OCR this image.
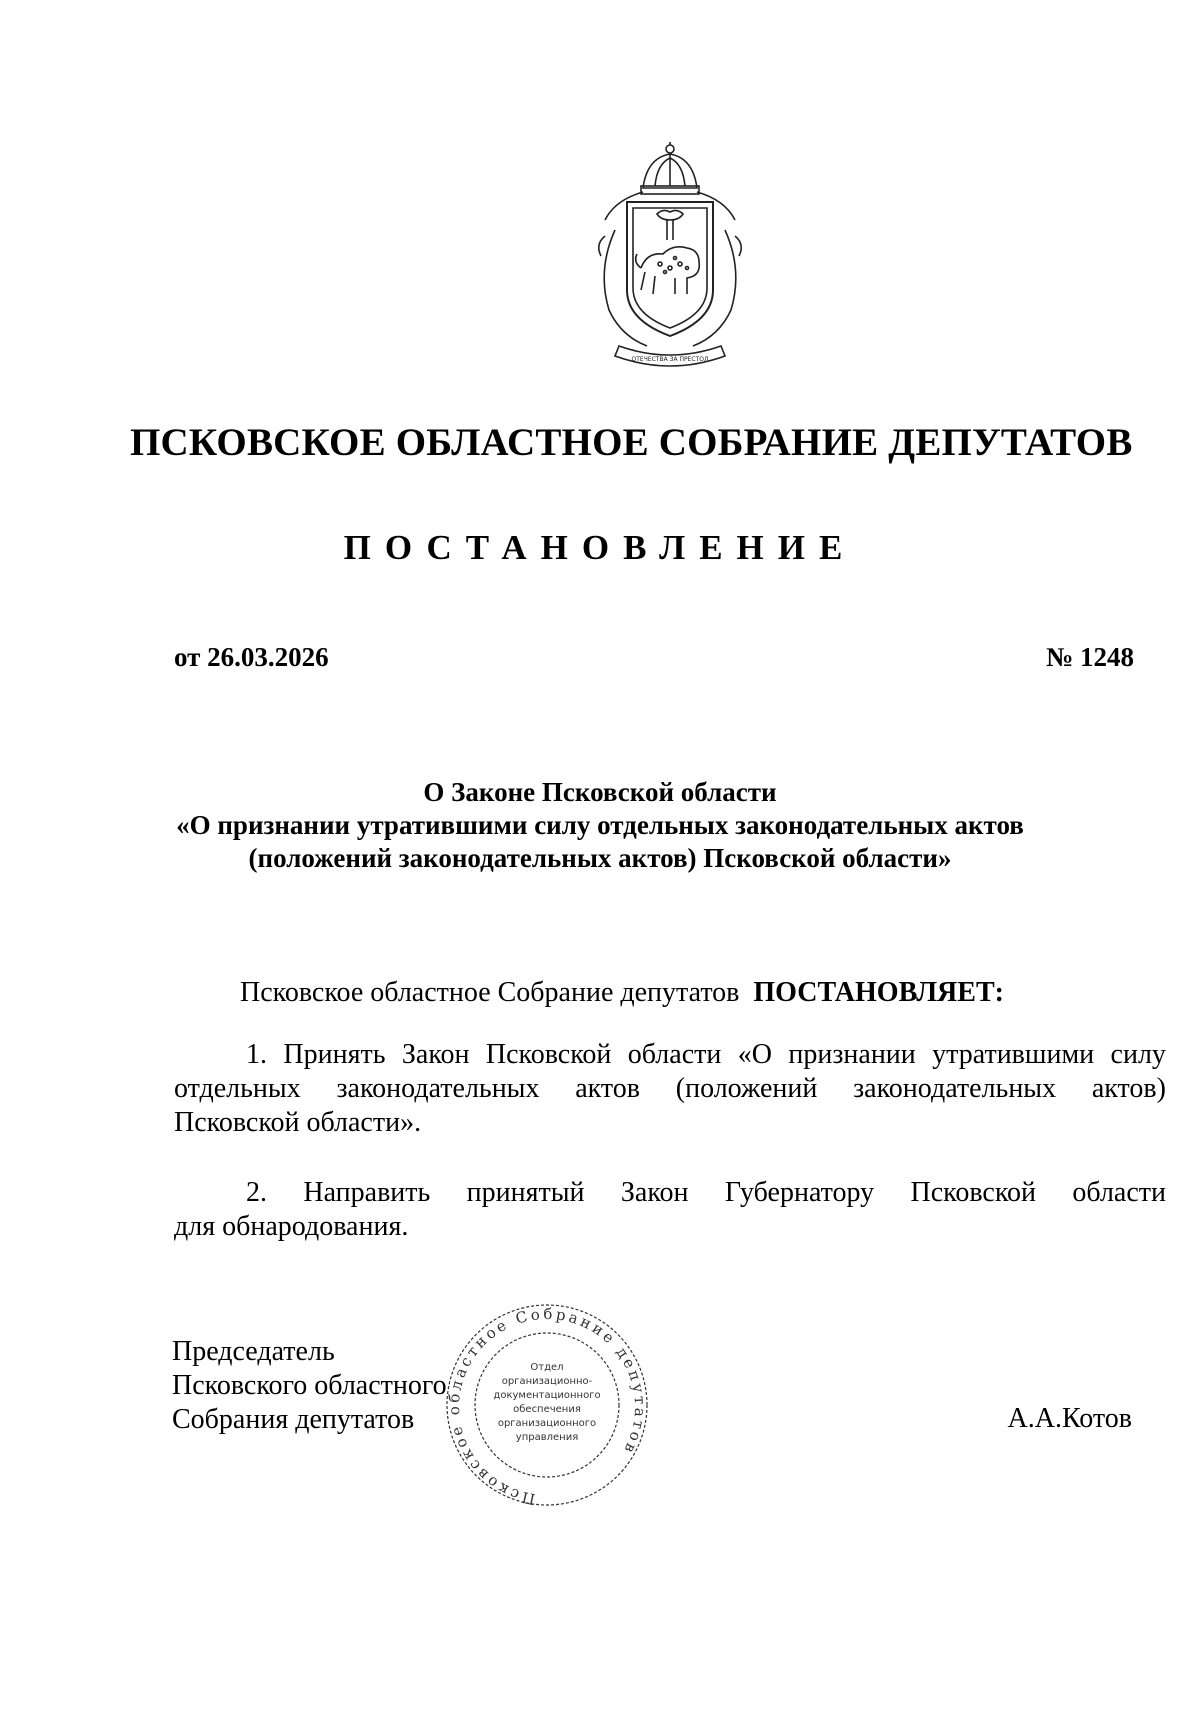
ОТЕЧЕСТВА ЗА ПРЕСТОЛ
ПСКОВСКОЕ ОБЛАСТНОЕ СОБРАНИЕ ДЕПУТАТОВ
ПОСТАНОВЛЕНИЕ
от 26.03.2026	№ 1248
О Законе Псковской области
«О признании утратившими силу отдельных законодательных актов
(положений законодательных актов) Псковской области»
Псковское областное Собрание депутатов ПОСТАНОВЛЯЕТ:
1. Принять Закон Псковской области «О признании утратившими силу
отдельных законодательных актов (положений законодательных актов)
Псковской области».
2. Направить принятый Закон Губернатору Псковской области
для обнародования.
Председатель
Псковского областного
Собрания депутатов	А.А.Котов
Псковское областное Собрание депутатов
Отдел
организационно-
документационного
обеспечения
организационного
управления
